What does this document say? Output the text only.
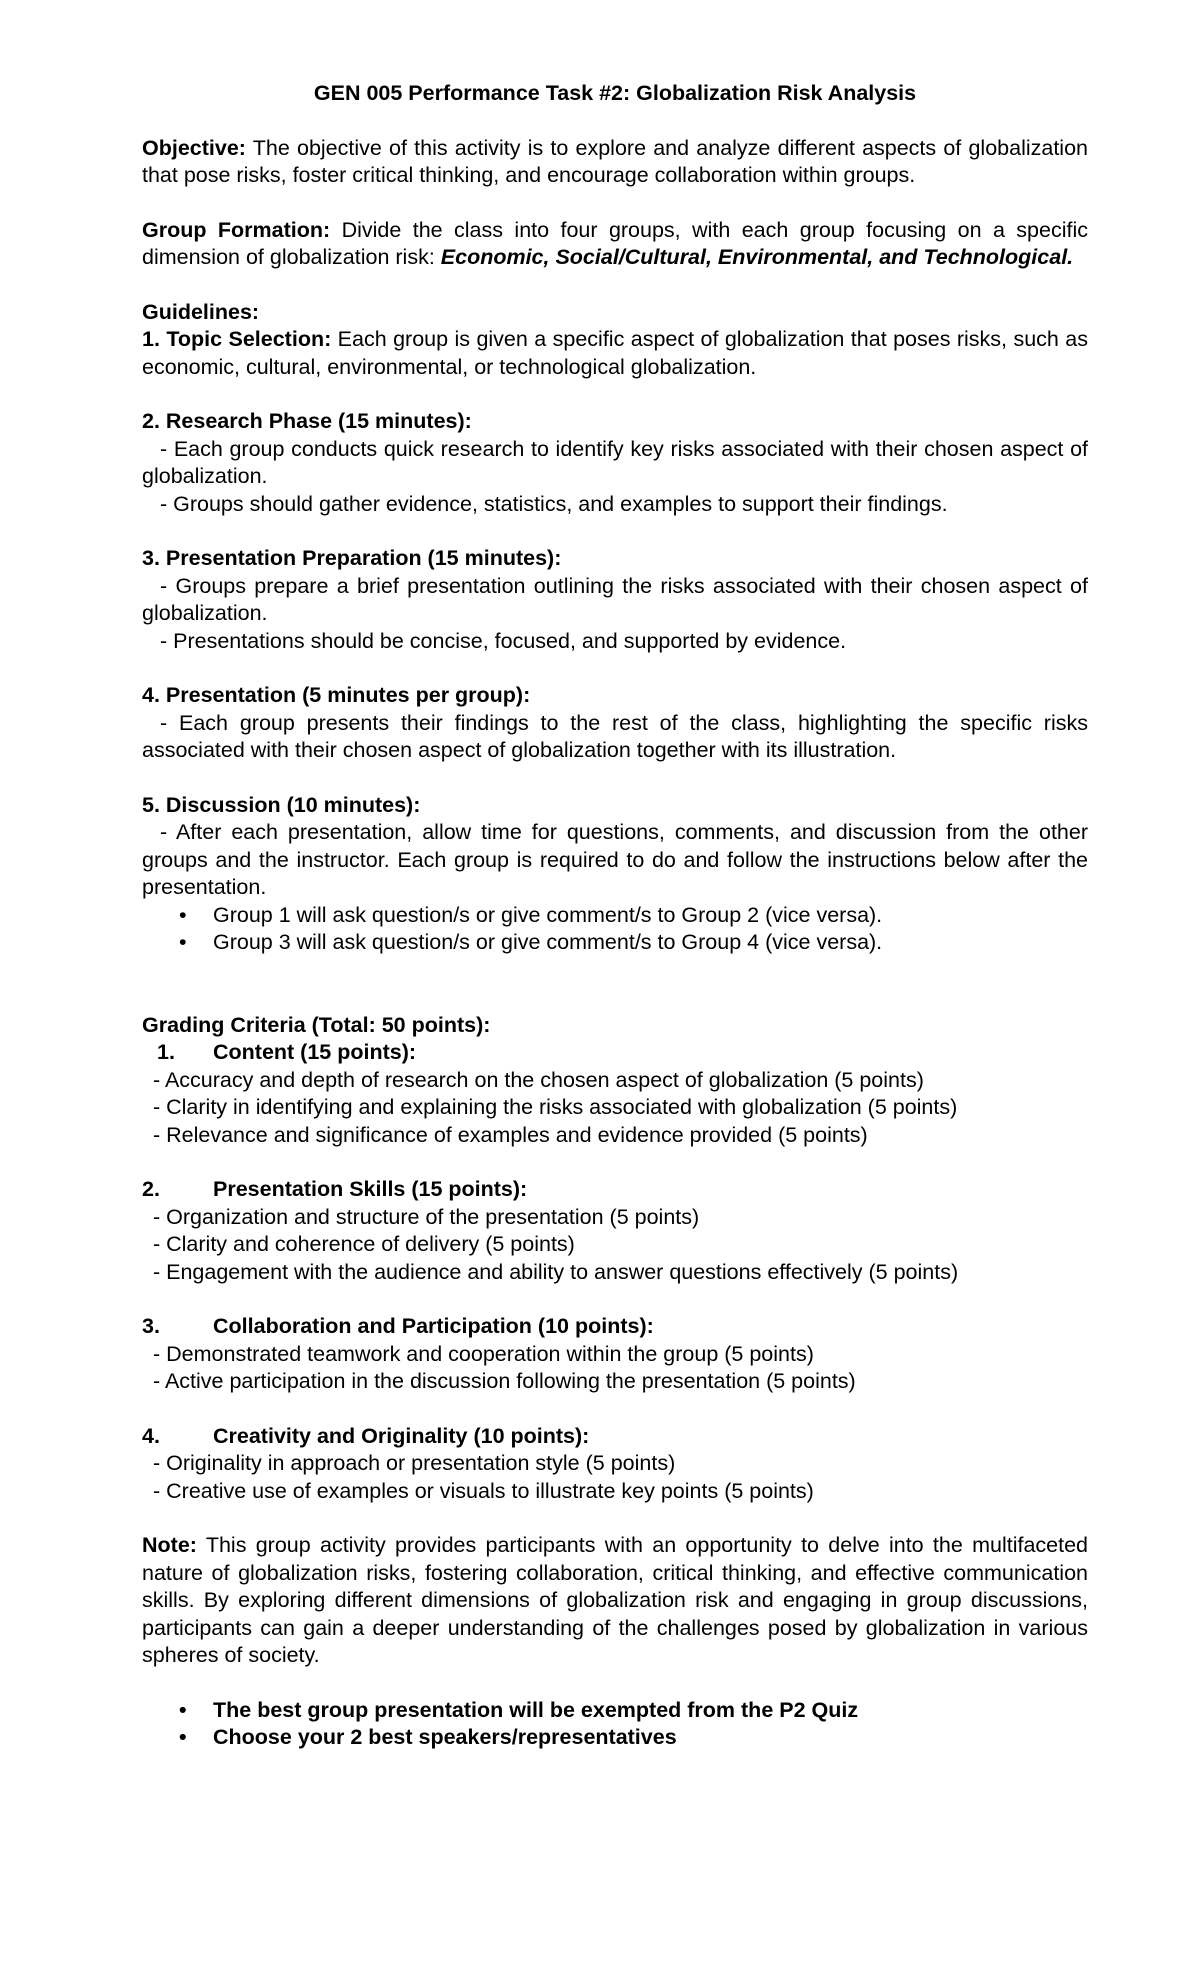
GEN 005 Performance Task #2: Globalization Risk Analysis

Objective: The objective of this activity is to explore and analyze different aspects of globalization that pose risks, foster critical thinking, and encourage collaboration within groups.

Group Formation: Divide the class into four groups, with each group focusing on a specific dimension of globalization risk: Economic, Social/Cultural, Environmental, and Technological.

Guidelines:

1. Topic Selection: Each group is given a specific aspect of globalization that poses risks, such as economic, cultural, environmental, or technological globalization.

2. Research Phase (15 minutes):

- Each group conducts quick research to identify key risks associated with their chosen aspect of globalization.

- Groups should gather evidence, statistics, and examples to support their findings.

3. Presentation Preparation (15 minutes):

- Groups prepare a brief presentation outlining the risks associated with their chosen aspect of globalization.

- Presentations should be concise, focused, and supported by evidence.

4. Presentation (5 minutes per group):

- Each group presents their findings to the rest of the class, highlighting the specific risks associated with their chosen aspect of globalization together with its illustration.

5. Discussion (10 minutes):

- After each presentation, allow time for questions, comments, and discussion from the other groups and the instructor. Each group is required to do and follow the instructions below after the presentation.

• Group 1 will ask question/s or give comment/s to Group 2 (vice versa).
• Group 3 will ask question/s or give comment/s to Group 4 (vice versa).

Grading Criteria (Total: 50 points):

1. Content (15 points):

- Accuracy and depth of research on the chosen aspect of globalization (5 points)

- Clarity in identifying and explaining the risks associated with globalization (5 points)

- Relevance and significance of examples and evidence provided (5 points)

2. Presentation Skills (15 points):

- Organization and structure of the presentation (5 points)

- Clarity and coherence of delivery (5 points)

- Engagement with the audience and ability to answer questions effectively (5 points)

3. Collaboration and Participation (10 points):

- Demonstrated teamwork and cooperation within the group (5 points)

- Active participation in the discussion following the presentation (5 points)

4. Creativity and Originality (10 points):

- Originality in approach or presentation style (5 points)

- Creative use of examples or visuals to illustrate key points (5 points)

Note: This group activity provides participants with an opportunity to delve into the multifaceted nature of globalization risks, fostering collaboration, critical thinking, and effective communication skills. By exploring different dimensions of globalization risk and engaging in group discussions, participants can gain a deeper understanding of the challenges posed by globalization in various spheres of society.

• The best group presentation will be exempted from the P2 Quiz
• Choose your 2 best speakers/representatives
